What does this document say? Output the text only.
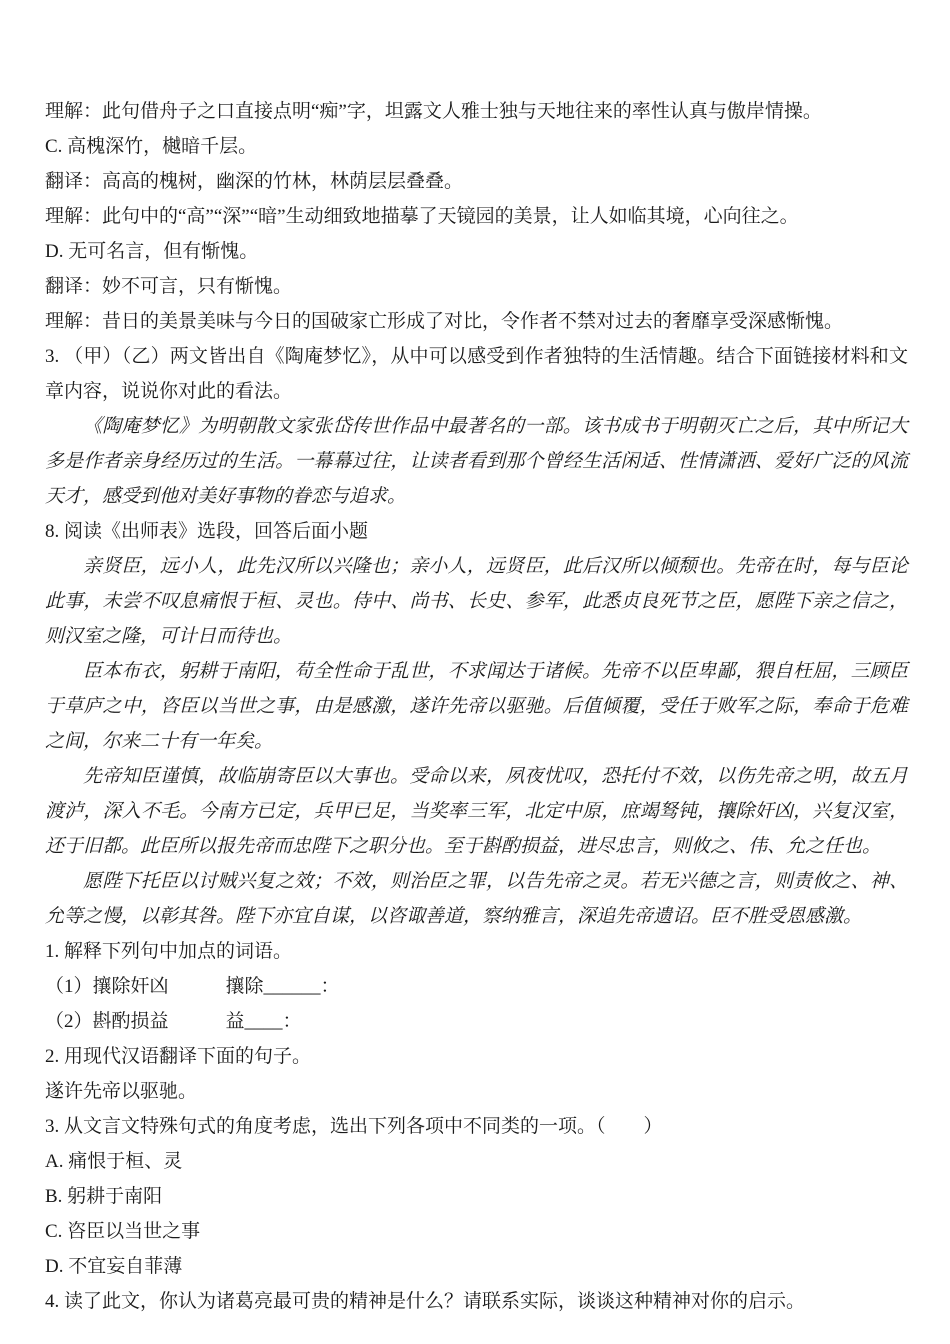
理解：此句借舟子之口直接点明“痴”字，坦露文人雅士独与天地往来的率性认真与傲岸情操。

C. 高槐深竹，樾暗千层。

翻译：高高的槐树，幽深的竹林，林荫层层叠叠。

理解：此句中的“高”“深”“暗”生动细致地描摹了天镜园的美景，让人如临其境，心向往之。

D. 无可名言，但有惭愧。

翻译：妙不可言，只有惭愧。

理解：昔日的美景美味与今日的国破家亡形成了对比，令作者不禁对过去的奢靡享受深感惭愧。

3. （甲）（乙）两文皆出自《陶庵梦忆》，从中可以感受到作者独特的生活情趣。结合下面链接材料和文章内容，说说你对此的看法。

《陶庵梦忆》为明朝散文家张岱传世作品中最著名的一部。该书成书于明朝灭亡之后，其中所记大多是作者亲身经历过的生活。一幕幕过往，让读者看到那个曾经生活闲适、性情潇洒、爱好广泛的风流天才，感受到他对美好事物的眷恋与追求。

8. 阅读《出师表》选段，回答后面小题

亲贤臣，远小人，此先汉所以兴隆也；亲小人，远贤臣，此后汉所以倾颓也。先帝在时，每与臣论此事，未尝不叹息痛恨于桓、灵也。侍中、尚书、长史、参军，此悉贞良死节之臣，愿陛下亲之信之，则汉室之隆，可计日而待也。

臣本布衣，躬耕于南阳，苟全性命于乱世，不求闻达于诸候。先帝不以臣卑鄙，猥自枉屈，三顾臣于草庐之中，咨臣以当世之事，由是感激，遂许先帝以驱驰。后值倾覆，受任于败军之际，奉命于危难之间，尔来二十有一年矣。

先帝知臣谨慎，故临崩寄臣以大事也。受命以来，夙夜忧叹，恐托付不效，以伤先帝之明，故五月渡泸，深入不毛。今南方已定，兵甲已足，当奖率三军，北定中原，庶竭驽钝，攘除奸凶，兴复汉室，还于旧都。此臣所以报先帝而忠陛下之职分也。至于斟酌损益，进尽忠言，则攸之、伟、允之任也。

愿陛下托臣以讨贼兴复之效；不效，则治臣之罪，以告先帝之灵。若无兴德之言，则责攸之、神、允等之慢，以彰其咎。陛下亦宜自谋，以咨诹善道，察纳雅言，深追先帝遗诏。臣不胜受恩感激。

1. 解释下列句中加点的词语。

（1）攘除奸凶　　　攘除______：

（2）斟酌损益　　　益____：

2. 用现代汉语翻译下面的句子。

遂许先帝以驱驰。

3. 从文言文特殊句式的角度考虑，选出下列各项中不同类的一项。（　　）

A. 痛恨于桓、灵

B. 躬耕于南阳

C. 咨臣以当世之事

D. 不宜妄自菲薄

4. 读了此文，你认为诸葛亮最可贵的精神是什么？请联系实际，谈谈这种精神对你的启示。
